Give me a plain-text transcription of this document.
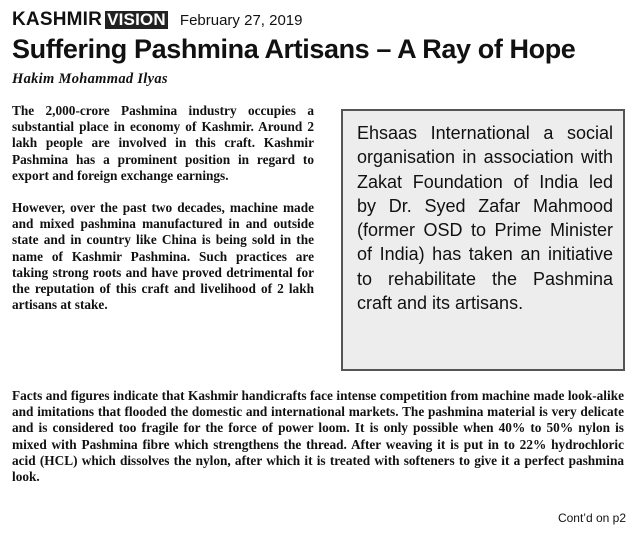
KASHMIR VISION February 27, 2019
Suffering Pashmina Artisans – A Ray of Hope
Hakim Mohammad Ilyas

The 2,000-crore Pashmina industry occupies a substantial place in economy of Kashmir. Around 2 lakh people are involved in this craft. Kashmir Pashmina has a prominent position in regard to export and foreign exchange earnings.

However, over the past two decades, machine made and mixed pashmina manufactured in and outside state and in country like China is being sold in the name of Kashmir Pashmina. Such practices are taking strong roots and have proved detrimental for the reputation of this craft and livelihood of 2 lakh artisans at stake.

Ehsaas International a social organisation in association with Zakat Foundation of India led by Dr. Syed Zafar Mahmood (former OSD to Prime Minister of India) has taken an initiative to rehabilitate the Pashmina craft and its artisans.

Facts and figures indicate that Kashmir handicrafts face intense competition from machine made look-alike and imitations that flooded the domestic and international markets. The pashmina material is very delicate and is considered too fragile for the force of power loom. It is only possible when 40% to 50% nylon is mixed with Pashmina fibre which strengthens the thread. After weaving it is put in to 22% hydrochloric acid (HCL) which dissolves the nylon, after which it is treated with softeners to give it a perfect pashmina look.

Cont’d on p2
